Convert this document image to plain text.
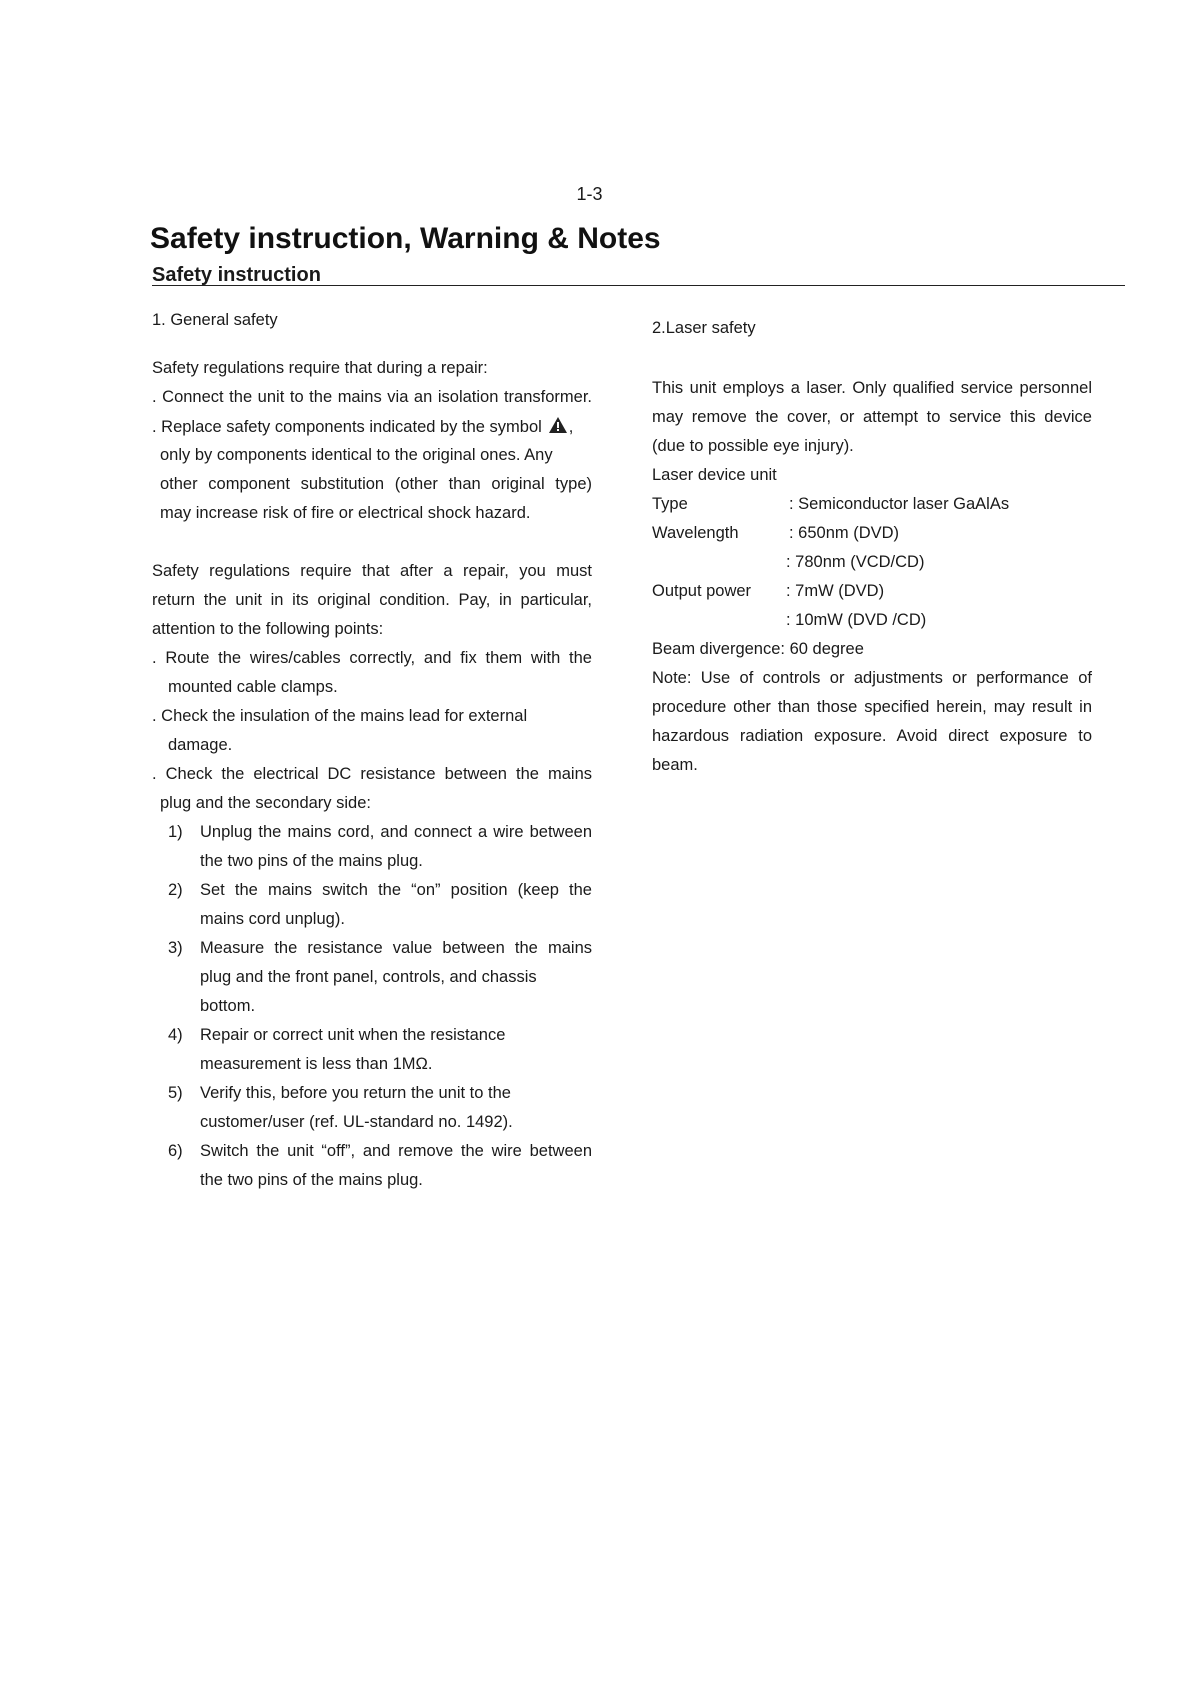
1-3
Safety instruction, Warning & Notes
Safety instruction
1. General safety
Safety regulations require that during a repair:
. Connect the unit to the mains via an isolation transformer.
. Replace safety components indicated by the symbol ,
only by components identical to the original ones. Any
other component substitution (other than original type)
may increase risk of fire or electrical shock hazard.
Safety regulations require that after a repair, you must
return the unit in its original condition. Pay, in particular,
attention to the following points:
. Route the wires/cables correctly, and fix them with the
mounted cable clamps.
. Check the insulation of the mains lead for external
damage.
. Check the electrical DC resistance between the mains
plug and the secondary side:
1) Unplug the mains cord, and connect a wire between
the two pins of the mains plug.
2) Set the mains switch the “on” position (keep the
mains cord unplug).
3) Measure the resistance value between the mains
plug and the front panel, controls, and chassis
bottom.
4) Repair or correct unit when the resistance
measurement is less than 1MΩ.
5) Verify this, before you return the unit to the
customer/user (ref. UL-standard no. 1492).
6) Switch the unit “off”, and remove the wire between
the two pins of the mains plug.
2.Laser safety
This unit employs a laser. Only qualified service personnel
may remove the cover, or attempt to service this device
(due to possible eye injury).
Laser device unit
Type	: Semiconductor laser GaAlAs
Wavelength	: 650nm (DVD)
: 780nm (VCD/CD)
Output power : 7mW (DVD)
: 10mW (DVD /CD)
Beam divergence: 60 degree
Note: Use of controls or adjustments or performance of
procedure other than those specified herein, may result in
hazardous radiation exposure. Avoid direct exposure to
beam.
